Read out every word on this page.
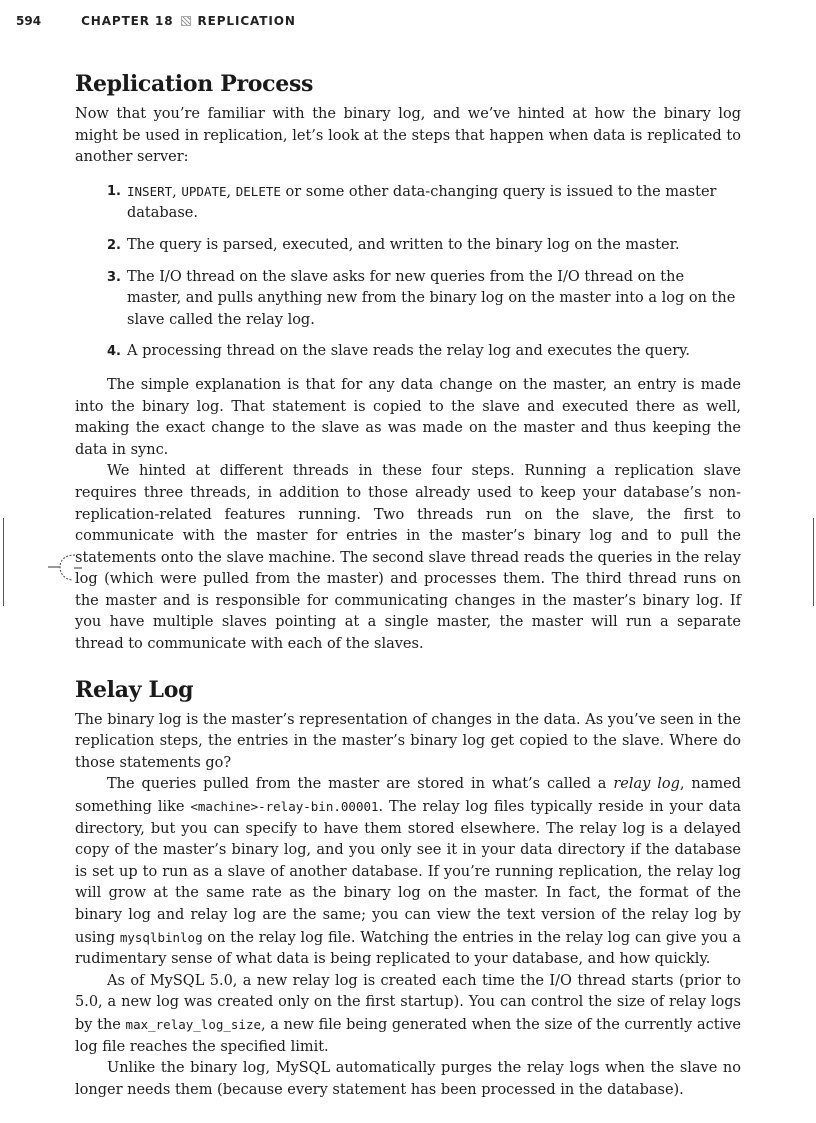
594	CHAPTER 18 REPLICATION
Replication Process

Now that you’re familiar with the binary log, and we’ve hinted at how the binary log might be used in replication, let’s look at the steps that happen when data is replicated to another server:

1. INSERT, UPDATE, DELETE or some other data-changing query is issued to the master database.
2. The query is parsed, executed, and written to the binary log on the master.
3. The I/O thread on the slave asks for new queries from the I/O thread on the master, and pulls anything new from the binary log on the master into a log on the slave called the relay log.
4. A processing thread on the slave reads the relay log and executes the query.

The simple explanation is that for any data change on the master, an entry is made into the binary log. That statement is copied to the slave and executed there as well, making the exact change to the slave as was made on the master and thus keeping the data in sync.

We hinted at different threads in these four steps. Running a replication slave requires three threads, in addition to those already used to keep your database’s non-replication-related features running. Two threads run on the slave, the first to communicate with the master for entries in the master’s binary log and to pull the statements onto the slave machine. The second slave thread reads the queries in the relay log (which were pulled from the master) and processes them. The third thread runs on the master and is responsible for communicating changes in the master’s binary log. If you have multiple slaves pointing at a single master, the master will run a separate thread to communicate with each of the slaves.

Relay Log

The binary log is the master’s representation of changes in the data. As you’ve seen in the replication steps, the entries in the master’s binary log get copied to the slave. Where do those statements go?

The queries pulled from the master are stored in what’s called a relay log, named something like <machine>-relay-bin.00001. The relay log files typically reside in your data directory, but you can specify to have them stored elsewhere. The relay log is a delayed copy of the master’s binary log, and you only see it in your data directory if the database is set up to run as a slave of another database. If you’re running replication, the relay log will grow at the same rate as the binary log on the master. In fact, the format of the binary log and relay log are the same; you can view the text version of the relay log by using mysqlbinlog on the relay log file. Watching the entries in the relay log can give you a rudimentary sense of what data is being replicated to your database, and how quickly.

As of MySQL 5.0, a new relay log is created each time the I/O thread starts (prior to 5.0, a new log was created only on the first startup). You can control the size of relay logs by the max_relay_log_size, a new file being generated when the size of the currently active log file reaches the specified limit.

Unlike the binary log, MySQL automatically purges the relay logs when the slave no longer needs them (because every statement has been processed in the database).
